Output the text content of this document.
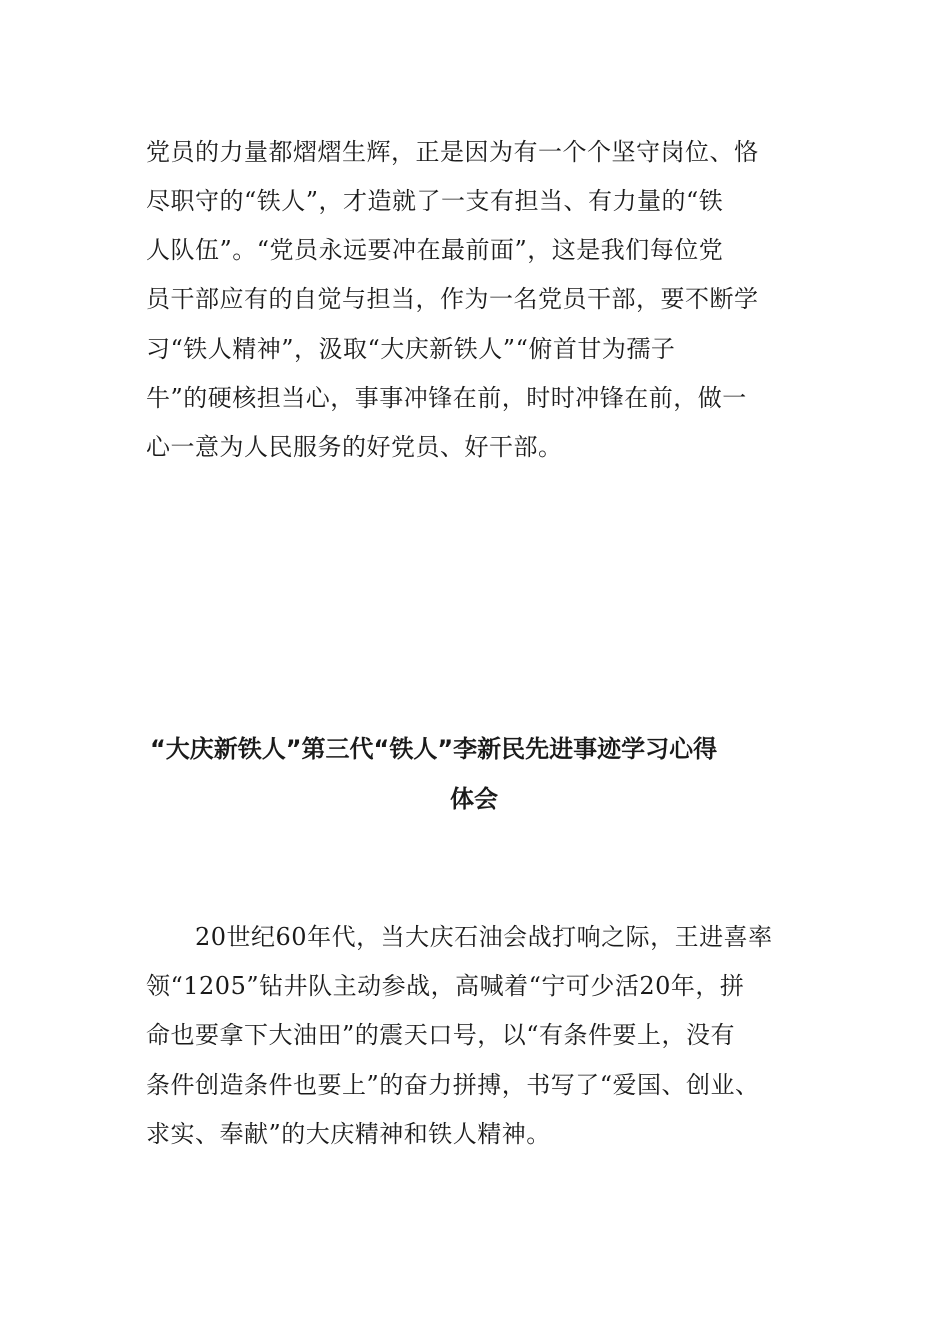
党员的力量都熠熠生辉，正是因为有一个个坚守岗位、恪
尽职守的“铁人”，才造就了一支有担当、有力量的“铁
人队伍”。“党员永远要冲在最前面”，这是我们每位党
员干部应有的自觉与担当，作为一名党员干部，要不断学
习“铁人精神”，汲取“大庆新铁人”“俯首甘为孺子
牛”的硬核担当心，事事冲锋在前，时时冲锋在前，做一
心一意为人民服务的好党员、好干部。
“大庆新铁人”第三代“铁人”李新民先进事迹学习心得
体会
20世纪60年代，当大庆石油会战打响之际，王进喜率
领“1205”钻井队主动参战，高喊着“宁可少活20年，拼
命也要拿下大油田”的震天口号，以“有条件要上，没有
条件创造条件也要上”的奋力拼搏，书写了“爱国、创业、
求实、奉献”的大庆精神和铁人精神。
